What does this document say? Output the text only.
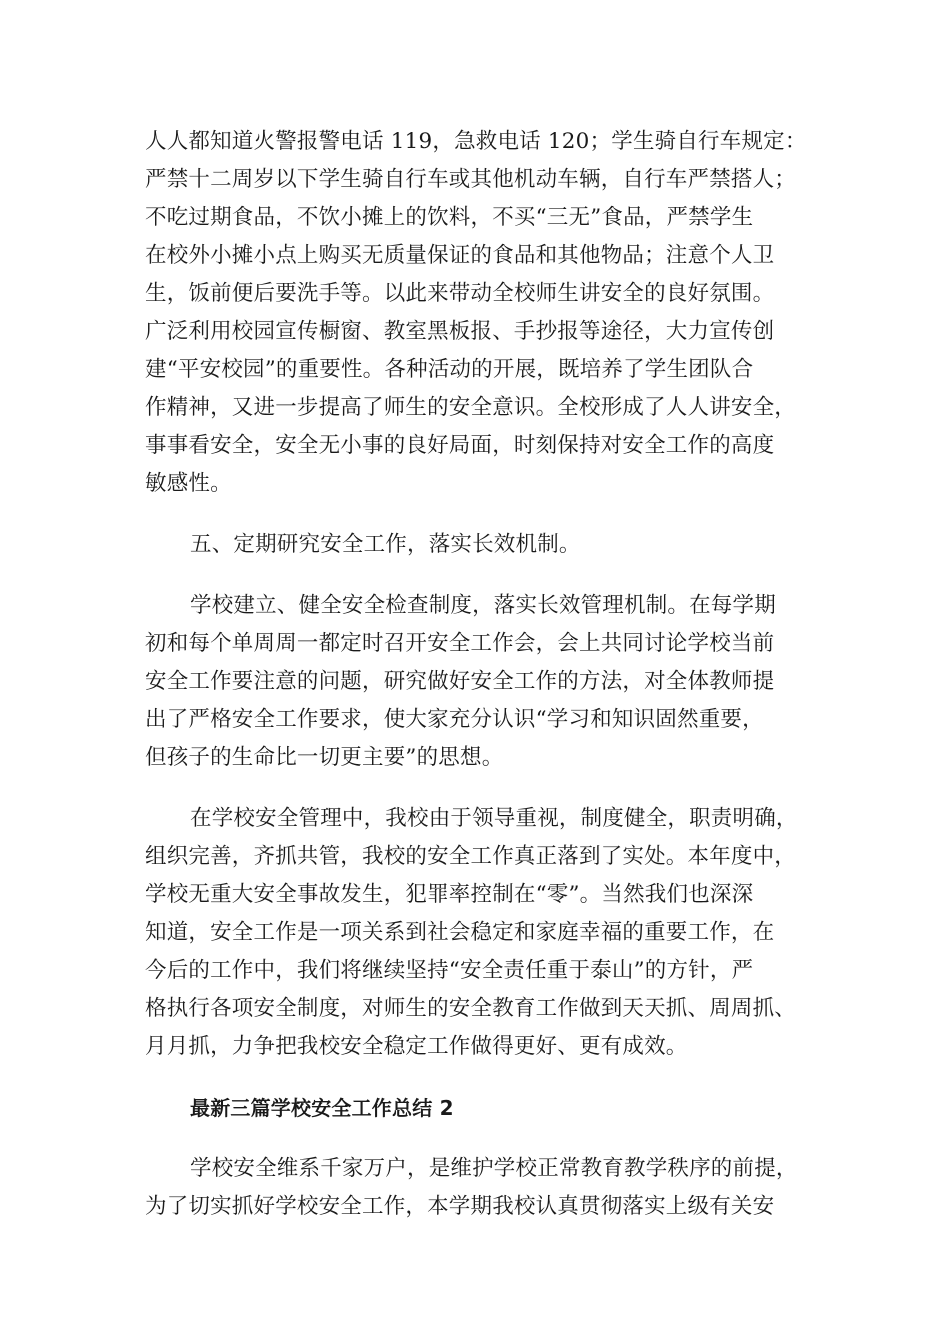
人人都知道火警报警电话 119，急救电话 120；学生骑自行车规定：
严禁十二周岁以下学生骑自行车或其他机动车辆，自行车严禁搭人；
不吃过期食品，不饮小摊上的饮料，不买“三无”食品，严禁学生
在校外小摊小点上购买无质量保证的食品和其他物品；注意个人卫
生，饭前便后要洗手等。以此来带动全校师生讲安全的良好氛围。
广泛利用校园宣传橱窗、教室黑板报、手抄报等途径，大力宣传创
建“平安校园”的重要性。各种活动的开展，既培养了学生团队合
作精神，又进一步提高了师生的安全意识。全校形成了人人讲安全，
事事看安全，安全无小事的良好局面，时刻保持对安全工作的高度
敏感性。
五、定期研究安全工作，落实长效机制。
学校建立、健全安全检查制度，落实长效管理机制。在每学期
初和每个单周周一都定时召开安全工作会，会上共同讨论学校当前
安全工作要注意的问题，研究做好安全工作的方法，对全体教师提
出了严格安全工作要求，使大家充分认识“学习和知识固然重要，
但孩子的生命比一切更主要”的思想。
在学校安全管理中，我校由于领导重视，制度健全，职责明确，
组织完善，齐抓共管，我校的安全工作真正落到了实处。本年度中，
学校无重大安全事故发生，犯罪率控制在“零”。当然我们也深深
知道，安全工作是一项关系到社会稳定和家庭幸福的重要工作，在
今后的工作中，我们将继续坚持“安全责任重于泰山”的方针，严
格执行各项安全制度，对师生的安全教育工作做到天天抓、周周抓、
月月抓，力争把我校安全稳定工作做得更好、更有成效。
最新三篇学校安全工作总结 2
学校安全维系千家万户，是维护学校正常教育教学秩序的前提，
为了切实抓好学校安全工作，本学期我校认真贯彻落实上级有关安
